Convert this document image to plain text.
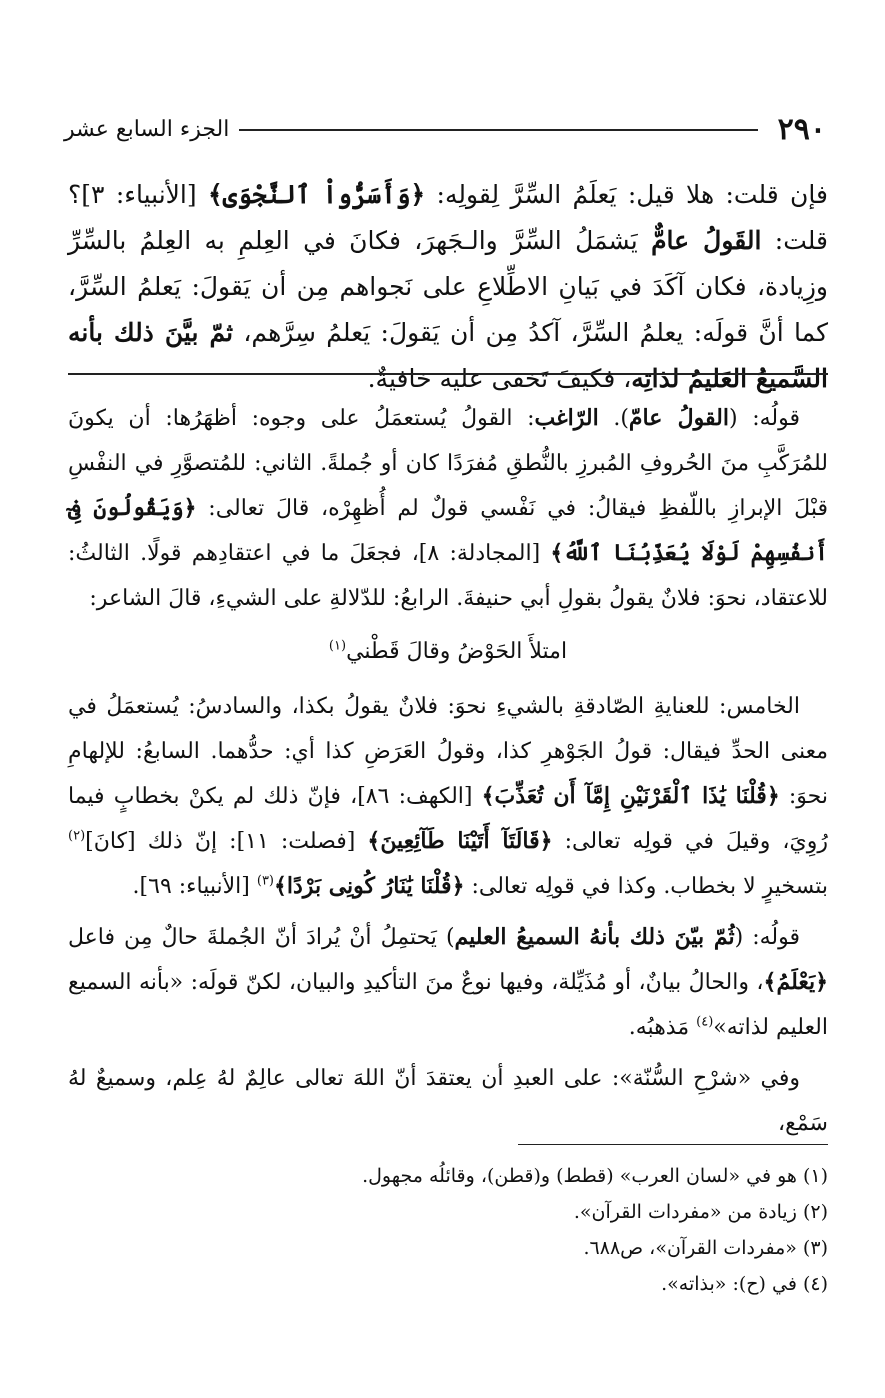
٢٩٠
الجزء السابع عشر

فإن قلت: هلا قيل: يَعلَمُ السِّرَّ لِقولِه: ﴿وَأَسَرُّواْ ٱلنَّجْوَى﴾ [الأنبياء: ٣]؟ قلت: القَولُ عامٌّ يَشمَلُ السِّرَّ والـجَهرَ، فكانَ في العِلمِ به العِلمُ بالسِّرِّ وزِيادة، فكان آكَدَ في بَيانِ الاطِّلاعِ على نَجواهم مِن أن يَقولَ: يَعلمُ السِّرَّ، كما أنَّ قولَه: يعلمُ السِّرَّ، آكدُ مِن أن يَقولَ: يَعلمُ سِرَّهم، ثمّ بيَّنَ ذلك بأنه السَّميعُ العَليمُ لذاتِه، فكيفَ تَخفى عليه خافيةٌ.

قولُه: (القولُ عامّ). الرّاغب: القولُ يُستعمَلُ على وجوه: أظهَرُها: أن يكونَ للمُرَكَّبِ منَ الحُروفِ المُبرزِ بالنُّطقِ مُفرَدًا كان أو جُملةً. الثاني: للمُتصوَّرِ في النفْسِ قبْلَ الإبرازِ باللّفظِ فيقالُ: في نَفْسي قولٌ لم أُظهِرْه، قالَ تعالى: ﴿وَيَقُولُونَ فِىٓ أَنفُسِهِمْ لَوْلَا يُعَذِّبُنَا ٱللَّهُ﴾ [المجادلة: ٨]، فجعَلَ ما في اعتقادِهم قولًا. الثالثُ: للاعتقاد، نحوَ: فلانٌ يقولُ بقولِ أبي حنيفةَ. الرابعُ: للدّلالةِ على الشيءِ، قالَ الشاعر:

امتلأَ الحَوْضُ وقالَ قَطْني$^{(١)}$

الخامس: للعنايةِ الصّادقةِ بالشيءِ نحوَ: فلانٌ يقولُ بكذا، والسادسُ: يُستعمَلُ في معنى الحدِّ فيقال: قولُ الجَوْهرِ كذا، وقولُ العَرَضِ كذا أي: حدُّهما. السابعُ: للإلهامِ نحوَ: ﴿قُلْنَا يَٰذَا ٱلْقَرْنَيْنِ إِمَّآ أَن تُعَذِّبَ﴾ [الكهف: ٨٦]، فإنّ ذلك لم يكنْ بخطابٍ فيما رُوِيَ، وقيلَ في قولِه تعالى: ﴿قَالَتَآ أَتَيْنَا طَآئِعِينَ﴾ [فصلت: ١١]: إنّ ذلك [كانَ]$^{(٢)}$ بتسخيرٍ لا بخطاب. وكذا في قولِه تعالى: ﴿قُلْنَا يَٰنَارُ كُونِى بَرْدًا﴾$^{(٣)}$ [الأنبياء: ٦٩].

قولُه: (ثُمّ بيّنَ ذلك بأنهُ السميعُ العليم) يَحتمِلُ أنْ يُرادَ أنّ الجُملةَ حالٌ مِن فاعل ﴿يَعْلَمُ﴾، والحالُ بيانٌ، أو مُذَيِّلة، وفيها نوعٌ منَ التأكيدِ والبيان، لكنّ قولَه: «بأنه السميع العليم لذاته»$^{(٤)}$ مَذهبُه.

وفي «شرْحِ السُّنّة»: على العبدِ أن يعتقدَ أنّ اللهَ تعالى عالِمٌ لهُ عِلم، وسميعٌ لهُ سَمْع،

(١) هو في «لسان العرب» (قطط) و(قطن)، وقائلُه مجهول.

(٢) زيادة من «مفردات القرآن».

(٣) «مفردات القرآن»، ص٦٨٨.

(٤) في (ح): «بذاته».
